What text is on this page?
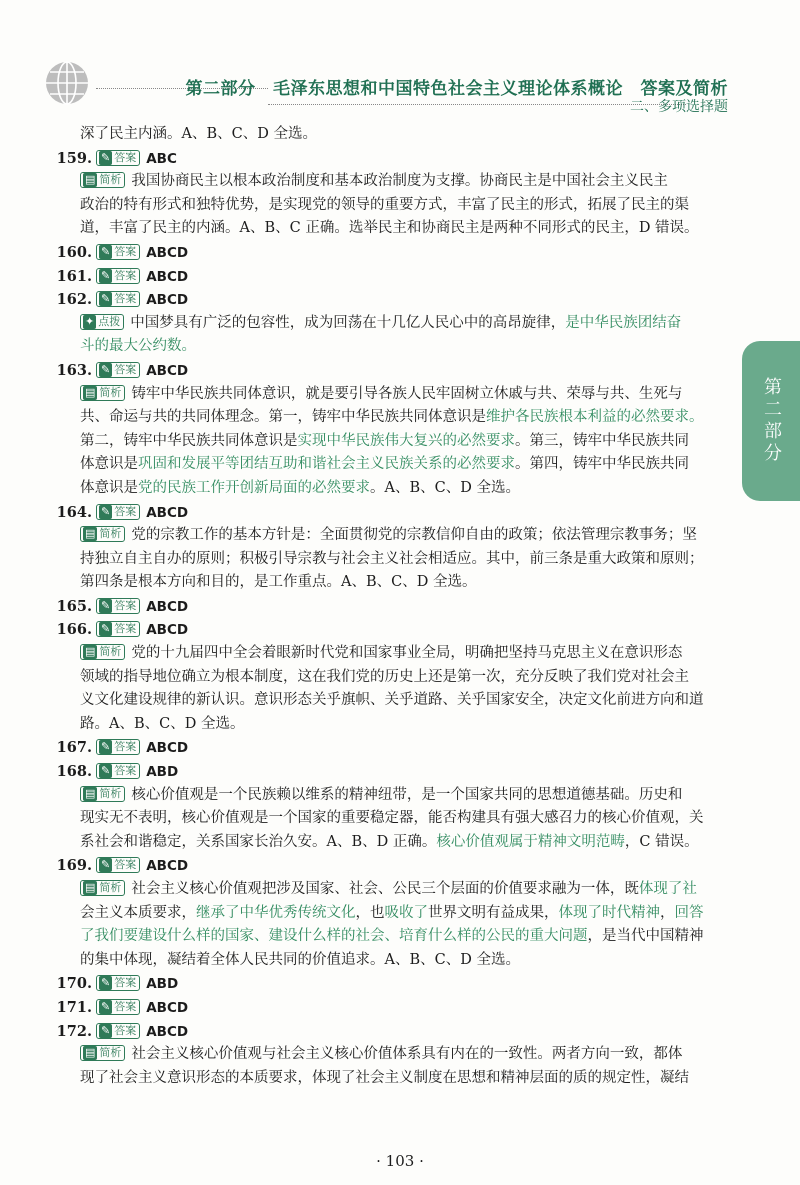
第二部分　毛泽东思想和中国特色社会主义理论体系概论　答案及简析
二、多项选择题
第二部分
深了民主内涵。A、B、C、D 全选。
159. ✎ 答案 ABC
▤ 简析 我国协商民主以根本政治制度和基本政治制度为支撑。协商民主是中国社会主义民主
政治的特有形式和独特优势，是实现党的领导的重要方式，丰富了民主的形式，拓展了民主的渠
道，丰富了民主的内涵。A、B、C 正确。选举民主和协商民主是两种不同形式的民主，D 错误。
160. ✎ 答案 ABCD
161. ✎ 答案 ABCD
162. ✎ 答案 ABCD
✦ 点拨 中国梦具有广泛的包容性，成为回荡在十几亿人民心中的高昂旋律，是中华民族团结奋
斗的最大公约数。
163. ✎ 答案 ABCD
▤ 简析 铸牢中华民族共同体意识，就是要引导各族人民牢固树立休戚与共、荣辱与共、生死与
共、命运与共的共同体理念。第一，铸牢中华民族共同体意识是维护各民族根本利益的必然要求。
第二，铸牢中华民族共同体意识是实现中华民族伟大复兴的必然要求。第三，铸牢中华民族共同
体意识是巩固和发展平等团结互助和谐社会主义民族关系的必然要求。第四，铸牢中华民族共同
体意识是党的民族工作开创新局面的必然要求。A、B、C、D 全选。
164. ✎ 答案 ABCD
▤ 简析 党的宗教工作的基本方针是：全面贯彻党的宗教信仰自由的政策；依法管理宗教事务；坚
持独立自主自办的原则；积极引导宗教与社会主义社会相适应。其中，前三条是重大政策和原则；
第四条是根本方向和目的，是工作重点。A、B、C、D 全选。
165. ✎ 答案 ABCD
166. ✎ 答案 ABCD
▤ 简析 党的十九届四中全会着眼新时代党和国家事业全局，明确把坚持马克思主义在意识形态
领域的指导地位确立为根本制度，这在我们党的历史上还是第一次，充分反映了我们党对社会主
义文化建设规律的新认识。意识形态关乎旗帜、关乎道路、关乎国家安全，决定文化前进方向和道
路。A、B、C、D 全选。
167. ✎ 答案 ABCD
168. ✎ 答案 ABD
▤ 简析 核心价值观是一个民族赖以维系的精神纽带，是一个国家共同的思想道德基础。历史和
现实无不表明，核心价值观是一个国家的重要稳定器，能否构建具有强大感召力的核心价值观，关
系社会和谐稳定，关系国家长治久安。A、B、D 正确。核心价值观属于精神文明范畴，C 错误。
169. ✎ 答案 ABCD
▤ 简析 社会主义核心价值观把涉及国家、社会、公民三个层面的价值要求融为一体，既体现了社
会主义本质要求，继承了中华优秀传统文化，也吸收了世界文明有益成果，体现了时代精神，回答
了我们要建设什么样的国家、建设什么样的社会、培育什么样的公民的重大问题，是当代中国精神
的集中体现，凝结着全体人民共同的价值追求。A、B、C、D 全选。
170. ✎ 答案 ABD
171. ✎ 答案 ABCD
172. ✎ 答案 ABCD
▤ 简析 社会主义核心价值观与社会主义核心价值体系具有内在的一致性。两者方向一致，都体
现了社会主义意识形态的本质要求，体现了社会主义制度在思想和精神层面的质的规定性，凝结
· 103 ·
